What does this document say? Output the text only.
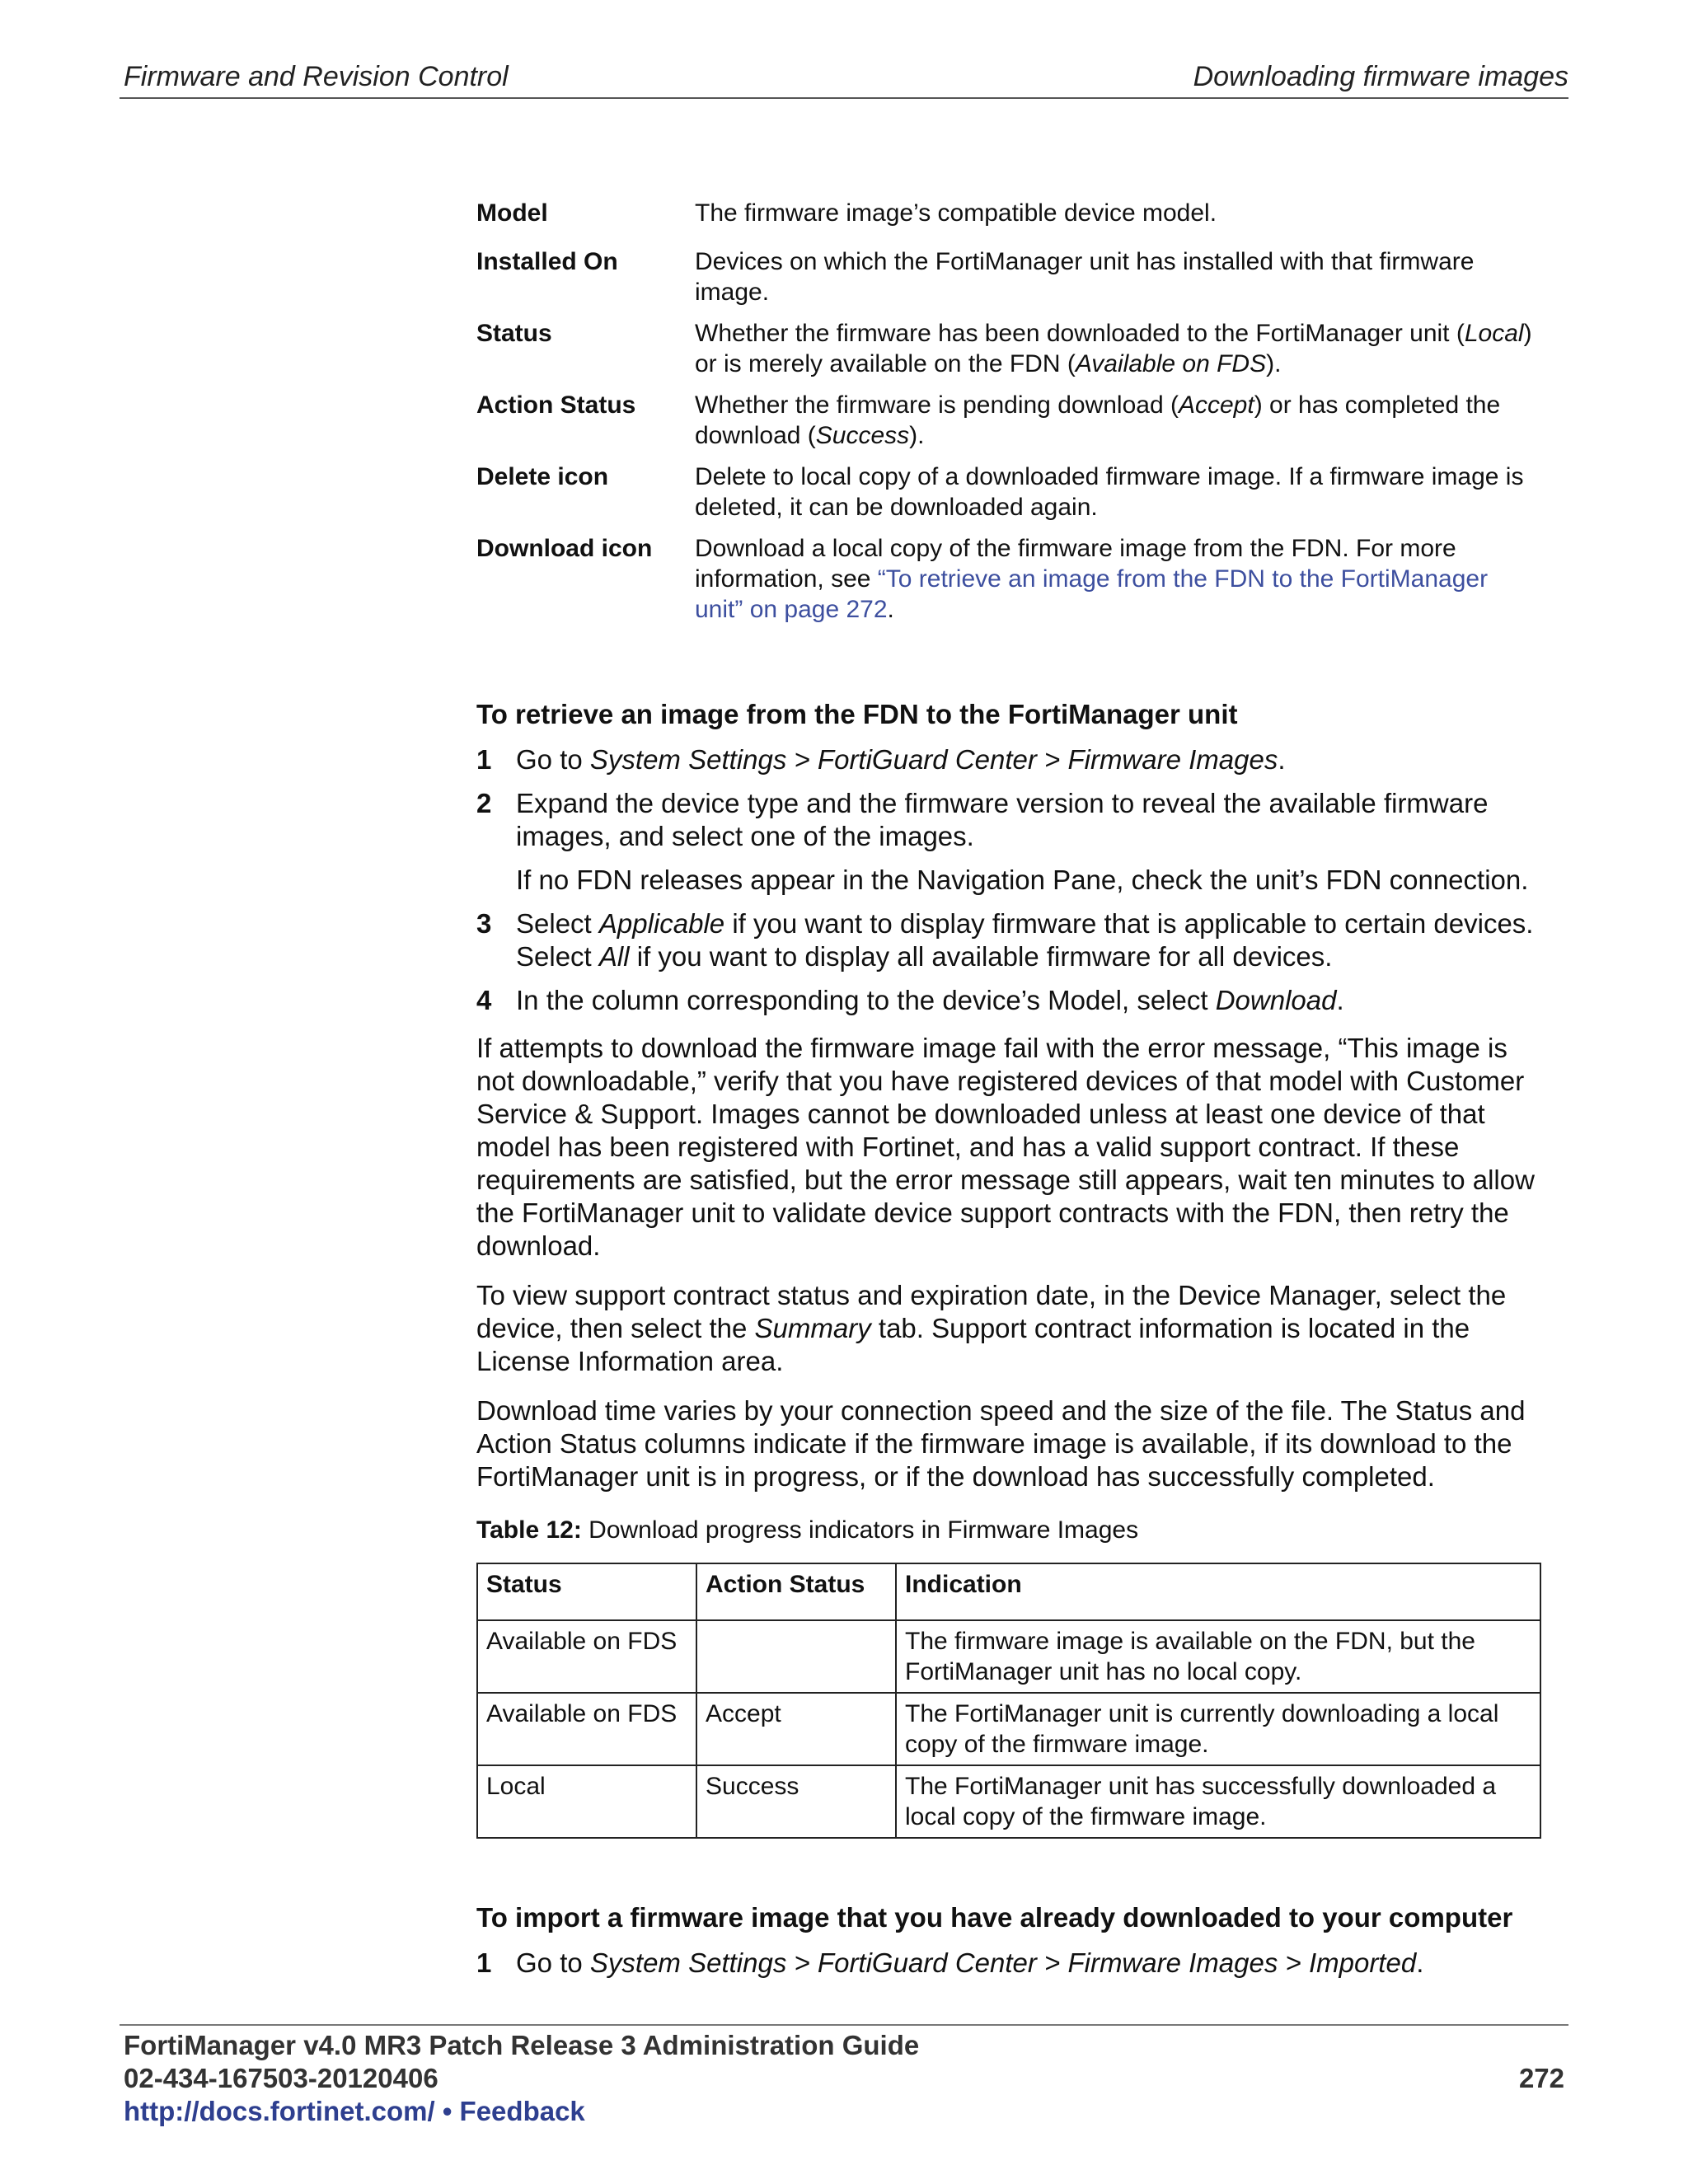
Firmware and Revision Control	Downloading firmware images
Model	The firmware image’s compatible device model.
Installed On	Devices on which the FortiManager unit has installed with that firmware image.
Status	Whether the firmware has been downloaded to the FortiManager unit (Local) or is merely available on the FDN (Available on FDS).
Action Status	Whether the firmware is pending download (Accept) or has completed the download (Success).
Delete icon	Delete to local copy of a downloaded firmware image. If a firmware image is deleted, it can be downloaded again.
Download icon	Download a local copy of the firmware image from the FDN. For more information, see “To retrieve an image from the FDN to the FortiManager unit” on page 272.
To retrieve an image from the FDN to the FortiManager unit
1 Go to System Settings > FortiGuard Center > Firmware Images.
2 Expand the device type and the firmware version to reveal the available firmware images, and select one of the images.
If no FDN releases appear in the Navigation Pane, check the unit’s FDN connection.
3 Select Applicable if you want to display firmware that is applicable to certain devices. Select All if you want to display all available firmware for all devices.
4 In the column corresponding to the device’s Model, select Download.

If attempts to download the firmware image fail with the error message, “This image is not downloadable,” verify that you have registered devices of that model with Customer Service & Support. Images cannot be downloaded unless at least one device of that model has been registered with Fortinet, and has a valid support contract. If these requirements are satisfied, but the error message still appears, wait ten minutes to allow the FortiManager unit to validate device support contracts with the FDN, then retry the download.

To view support contract status and expiration date, in the Device Manager, select the device, then select the Summary tab. Support contract information is located in the License Information area.

Download time varies by your connection speed and the size of the file. The Status and Action Status columns indicate if the firmware image is available, if its download to the FortiManager unit is in progress, or if the download has successfully completed.

Table 12: Download progress indicators in Firmware Images
Status	Action Status	Indication
Available on FDS		The firmware image is available on the FDN, but the FortiManager unit has no local copy.
Available on FDS	Accept	The FortiManager unit is currently downloading a local copy of the firmware image.
Local	Success	The FortiManager unit has successfully downloaded a local copy of the firmware image.
To import a firmware image that you have already downloaded to your computer
1 Go to System Settings > FortiGuard Center > Firmware Images > Imported.
FortiManager v4.0 MR3 Patch Release 3 Administration Guide
02-434-167503-20120406
http://docs.fortinet.com/ • Feedback
272
